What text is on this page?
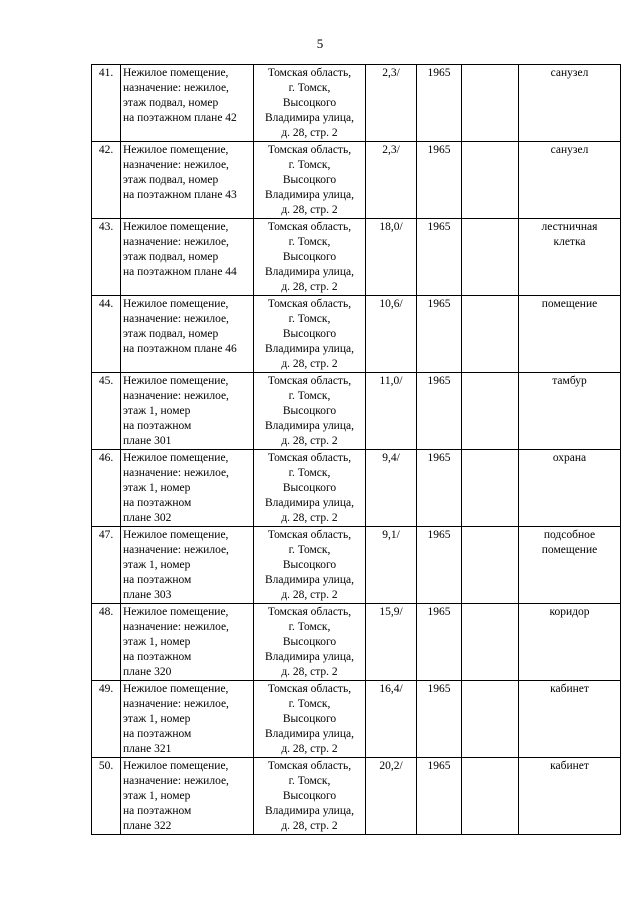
5
41.	Нежилое помещение,
назначение: нежилое,
этаж подвал, номер
на поэтажном плане 42	Томская область,
г. Томск,
Высоцкого
Владимира улица,
д. 28, стр. 2	2,3/	1965		санузел

42.	Нежилое помещение,
назначение: нежилое,
этаж подвал, номер
на поэтажном плане 43	Томская область,
г. Томск,
Высоцкого
Владимира улица,
д. 28, стр. 2	2,3/	1965		санузел

43.	Нежилое помещение,
назначение: нежилое,
этаж подвал, номер
на поэтажном плане 44	Томская область,
г. Томск,
Высоцкого
Владимира улица,
д. 28, стр. 2	18,0/	1965		лестничная
клетка

44.	Нежилое помещение,
назначение: нежилое,
этаж подвал, номер
на поэтажном плане 46	Томская область,
г. Томск,
Высоцкого
Владимира улица,
д. 28, стр. 2	10,6/	1965		помещение

45.	Нежилое помещение,
назначение: нежилое,
этаж 1, номер
на поэтажном
плане 301	Томская область,
г. Томск,
Высоцкого
Владимира улица,
д. 28, стр. 2	11,0/	1965		тамбур

46.	Нежилое помещение,
назначение: нежилое,
этаж 1, номер
на поэтажном
плане 302	Томская область,
г. Томск,
Высоцкого
Владимира улица,
д. 28, стр. 2	9,4/	1965		охрана

47.	Нежилое помещение,
назначение: нежилое,
этаж 1, номер
на поэтажном
плане 303	Томская область,
г. Томск,
Высоцкого
Владимира улица,
д. 28, стр. 2	9,1/	1965		подсобное
помещение

48.	Нежилое помещение,
назначение: нежилое,
этаж 1, номер
на поэтажном
плане 320	Томская область,
г. Томск,
Высоцкого
Владимира улица,
д. 28, стр. 2	15,9/	1965		коридор

49.	Нежилое помещение,
назначение: нежилое,
этаж 1, номер
на поэтажном
плане 321	Томская область,
г. Томск,
Высоцкого
Владимира улица,
д. 28, стр. 2	16,4/	1965		кабинет

50.	Нежилое помещение,
назначение: нежилое,
этаж 1, номер
на поэтажном
плане 322	Томская область,
г. Томск,
Высоцкого
Владимира улица,
д. 28, стр. 2	20,2/	1965		кабинет
